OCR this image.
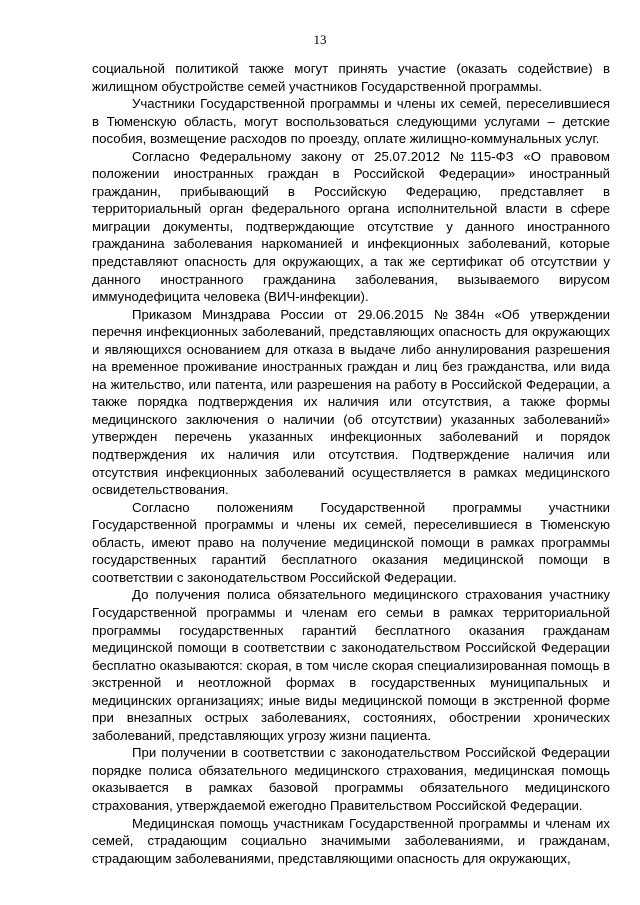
13

социальной политикой также могут принять участие (оказать содействие) в жилищном обустройстве семей участников Государственной программы.

Участники Государственной программы и члены их семей, переселившиеся в Тюменскую область, могут воспользоваться следующими услугами – детские пособия, возмещение расходов по проезду, оплате жилищно-коммунальных услуг.

Согласно Федеральному закону от 25.07.2012 №115-ФЗ «О правовом положении иностранных граждан в Российской Федерации» иностранный гражданин, прибывающий в Российскую Федерацию, представляет в территориальный орган федерального органа исполнительной власти в сфере миграции документы, подтверждающие отсутствие у данного иностранного гражданина заболевания наркоманией и инфекционных заболеваний, которые представляют опасность для окружающих, а так же сертификат об отсутствии у данного иностранного гражданина заболевания, вызываемого вирусом иммунодефицита человека (ВИЧ-инфекции).

Приказом Минздрава России от 29.06.2015 №384н «Об утверждении перечня инфекционных заболеваний, представляющих опасность для окружающих и являющихся основанием для отказа в выдаче либо аннулирования разрешения на временное проживание иностранных граждан и лиц без гражданства, или вида на жительство, или патента, или разрешения на работу в Российской Федерации, а также порядка подтверждения их наличия или отсутствия, а также формы медицинского заключения о наличии (об отсутствии) указанных заболеваний» утвержден перечень указанных инфекционных заболеваний и порядок подтверждения их наличия или отсутствия. Подтверждение наличия или отсутствия инфекционных заболеваний осуществляется в рамках медицинского освидетельствования.

Согласно положениям Государственной программы участники Государственной программы и члены их семей, переселившиеся в Тюменскую область, имеют право на получение медицинской помощи в рамках программы государственных гарантий бесплатного оказания медицинской помощи в соответствии с законодательством Российской Федерации.

До получения полиса обязательного медицинского страхования участнику Государственной программы и членам его семьи в рамках территориальной программы государственных гарантий бесплатного оказания гражданам медицинской помощи в соответствии с законодательством Российской Федерации бесплатно оказываются: скорая, в том числе скорая специализированная помощь в экстренной и неотложной формах в государственных муниципальных и медицинских организациях; иные виды медицинской помощи в экстренной форме при внезапных острых заболеваниях, состояниях, обострении хронических заболеваний, представляющих угрозу жизни пациента.

При получении в соответствии с законодательством Российской Федерации порядке полиса обязательного медицинского страхования, медицинская помощь оказывается в рамках базовой программы обязательного медицинского страхования, утверждаемой ежегодно Правительством Российской Федерации.

Медицинская помощь участникам Государственной программы и членам их семей, страдающим социально значимыми заболеваниями, и гражданам, страдающим заболеваниями, представляющими опасность для окружающих,
